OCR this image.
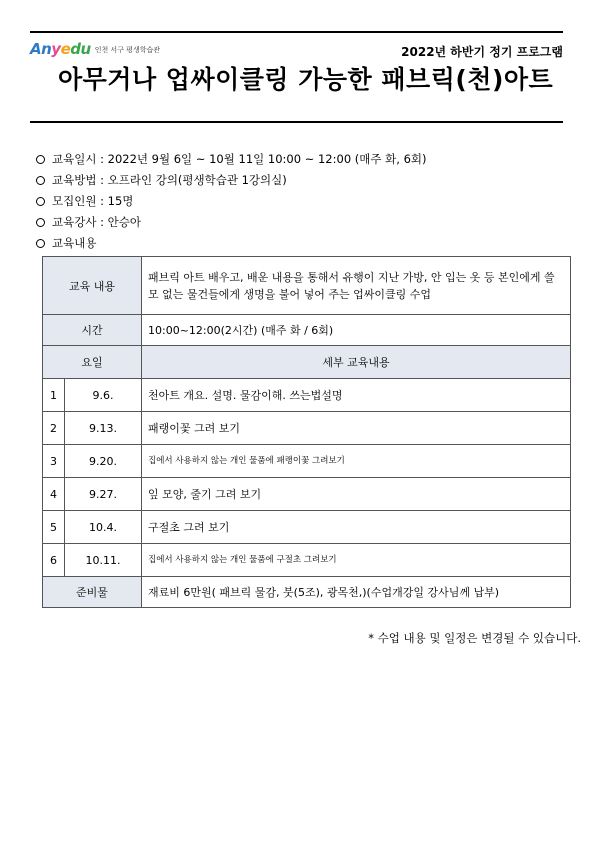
Anyedu 인천 서구 평생학습관	2022년 하반기 정기 프로그램
아무거나 업싸이클링 가능한 패브릭(천)아트
교육일시 : 2022년 9월 6일 ~ 10월 11일 10:00 ~ 12:00 (매주 화, 6회)
교육방법 : 오프라인 강의(평생학습관 1강의실)
모집인원 : 15명
교육강사 : 안승아
교육내용
교육 내용		패브릭 아트 배우고, 배운 내용을 통해서 유행이 지난 가방, 안 입는 옷 등 본인에게 쓸모 없는 물건들에게 생명을 불어 넣어 주는 업싸이클링 수업
시간		10:00~12:00(2시간) (매주 화 / 6회)
요일		세부 교육내용
1	9.6.	천아트 개요. 설명. 물감이해. 쓰는법설명
2	9.13.	패랭이꽃 그려 보기
3	9.20.	집에서 사용하지 않는 개인 물품에 패랭이꽃 그려보기
4	9.27.	잎 모양, 줄기 그려 보기
5	10.4.	구절초 그려 보기
6	10.11.	집에서 사용하지 않는 개인 물품에 구절초 그려보기
준비물		재료비 6만원( 패브릭 물감, 붓(5조), 광목천,)(수업개강일 강사님께 납부)
* 수업 내용 및 일정은 변경될 수 있습니다.
